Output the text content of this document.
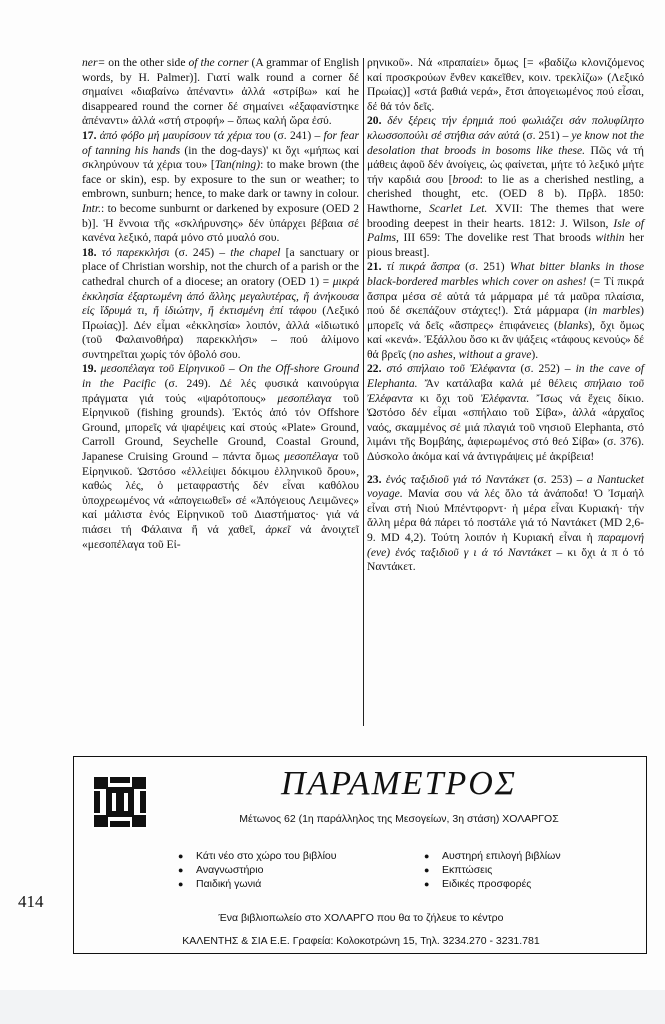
ner= on the other side of the corner (A grammar of English words, by H. Palmer)]. Γιατί walk round a corner δέ σημαίνει «διαβαίνω ἀπέναντι» ἀλλά «στρίβω» καί he disappeared round the corner δέ σημαίνει «ἐξαφανίστηκε ἀπέναντι» ἀλλά «στή στροφή» – ὅπως καλή ὥρα ἐσύ.

17. ἀπό φόβο μή μαυρίσουν τά χέρια του (σ. 241) – for fear of tanning his hands (in the dog-days)' κι ὄχι «μήπως καί σκληρύνουν τά χέρια του» [Tan(ning): to make brown (the face or skin), esp. by exposure to the sun or weather; to embrown, sunburn; hence, to make dark or tawny in colour. Intr.: to become sunburnt or darkened by exposure (OED 2 b)]. Ἡ ἔννοια τῆς «σκλήρυνσης» δέν ὑπάρχει βέβαια σέ κανένα λεξικό, παρά μόνο στό μυαλό σου.

18. τό παρεκκλήσι (σ. 245) – the chapel [a sanctuary or place of Christian worship, not the church of a parish or the cathedral church of a diocese; an oratory (OED 1) = μικρά ἐκκλησία ἐξαρτωμένη ἀπό ἄλλης μεγαλυτέρας, ἤ ἀνήκουσα εἰς ἵδρυμά τι, ἤ ἰδιώτην, ἤ ἐκτισμένη ἐπί τάφου (Λεξικό Πρωίας)]. Δέν εἶμαι «ἐκκλησία» λοιπόν, ἀλλά «ἰδιωτικό (τοῦ Φαλαινοθήρα) παρεκκλήσι» – πού ἀλίμονο συντηρεῖται χωρίς τόν ὀβολό σου.

19. μεσοπέλαγα τοῦ Εἰρηνικοῦ – On the Off-shore Ground in the Pacific (σ. 249). Δέ λές φυσικά καινούργια πράγματα γιά τούς «ψαρότοπους» μεσοπέλαγα τοῦ Εἰρηνικοῦ (fishing grounds). Ἐκτός ἀπό τόν Offshore Ground, μπορεῖς νά ψαρέψεις καί στούς «Plate» Ground, Carroll Ground, Seychelle Ground, Coastal Ground, Japanese Cruising Ground – πάντα ὅμως μεσοπέλαγα τοῦ Εἰρηνικοῦ. Ὡστόσο «ἐλλείψει δόκιμου ἑλληνικοῦ ὅρου», καθώς λές, ὁ μεταφραστής δέν εἶναι καθόλου ὑποχρεωμένος νά «ἀπογειωθεῖ» σέ «Ἀπόγειους Λειμῶνες» καί μάλιστα ἑνός Εἰρηνικοῦ τοῦ Διαστήματος· γιά νά πιάσει τή Φάλαινα ἤ νά χαθεῖ, ἀρκεῖ νά ἀνοιχτεῖ «μεσοπέλαγα τοῦ Εἰ-

ρηνικοῦ». Νά «πραπαίει» ὅμως [= «βαδίζω κλονιζόμενος καί προσκρούων ἔνθεν κακεῖθεν, κοιν. τρεκλίζω» (Λεξικό Πρωίας)] «στά βαθιά νερά», ἔτσι ἀπογειωμένος πού εἶσαι, δέ θά τόν δεῖς.

20. δέν ξέρεις τήν ἐρημιά πού φωλιάζει σάν πολυφίλητο κλωσσοπούλι σέ στήθια σάν αὐτά (σ. 251) – ye know not the desolation that broods in bosoms like these. Πῶς νά τή μάθεις ἀφοῦ δέν ἀνοίγεις, ὡς φαίνεται, μήτε τό λεξικό μήτε τήν καρδιά σου [brood: to lie as a cherished nestling, a cherished thought, etc. (OED 8 b). Πρβλ. 1850: Hawthorne, Scarlet Let. XVII: The themes that were brooding deepest in their hearts. 1812: J. Wilson, Isle of Palms, III 659: The dovelike rest That broods within her pious breast].

21. τί πικρά ἄσπρα (σ. 251) What bitter blanks in those black-bordered marbles which cover on ashes! (= Τί πικρά ἄσπρα μέσα σέ αὐτά τά μάρμαρα μέ τά μαῦρα πλαίσια, πού δέ σκεπάζουν στάχτες!). Στά μάρμαρα (in marbles) μπορεῖς νά δεῖς «ἄσπρες» ἐπιφάνειες (blanks), ὄχι ὅμως καί «κενά». Ἐξάλλου ὅσο κι ἄν ψάξεις «τάφους κενούς» δέ θά βρεῖς (no ashes, without a grave).

22. στό σπήλαιο τοῦ Ἐλέφαντα (σ. 252) – in the cave of Elephanta. Ἄν κατάλαβα καλά μέ θέλεις σπήλαιο τοῦ Ἐλέφαντα κι ὄχι τοῦ Ἐλέφαντα. Ἴσως νά ἔχεις δίκιο. Ὡστόσο δέν εἶμαι «σπήλαιο τοῦ Σίβα», ἀλλά «ἀρχαῖος ναός, σκαμμένος σέ μιά πλαγιά τοῦ νησιοῦ Elephanta, στό λιμάνι τῆς Βομβάης, ἀφιερωμένος στό θεό Σίβα» (σ. 376). Δύσκολο ἀκόμα καί νά ἀντιγράψεις μέ ἀκρίβεια!

23. ἑνός ταξιδιοῦ γιά τό Ναντάκετ (σ. 253) – a Nantucket voyage. Μανία σου νά λές ὅλο τά ἀνάποδα! Ὁ Ἰσμαήλ εἶναι στή Νιού Μπέντφορντ· ἡ μέρα εἶναι Κυριακή· τήν ἄλλη μέρα θά πάρει τό ποστάλε γιά τό Ναντάκετ (MD 2,6-9. MD 4,2). Τούτη λοιπόν ἡ Κυριακή εἶναι ἡ παραμονή (eve) ἑνός ταξιδιοῦ γ ι ά τό Ναντάκετ – κι ὄχι ἀ π ό τό Ναντάκετ.

ΠΑΡΑΜΕΤΡΟΣ
Μέτωνος 62 (1η παράλληλος της Μεσογείων, 3η στάση) ΧΟΛΑΡΓΟΣ
● Κάτι νέο στο χώρο του βιβλίου
● Αναγνωστήριο
● Παιδική γωνιά
● Αυστηρή επιλογή βιβλίων
● Εκπτώσεις
● Ειδικές προσφορές
Ένα βιβλιοπωλείο στο ΧΟΛΑΡΓΟ που θα το ζήλευε το κέντρο
ΚΑΛΕΝΤΗΣ & ΣΙΑ Ε.Ε. Γραφεία: Κολοκοτρώνη 15, Τηλ. 3234.270 - 3231.781
414
